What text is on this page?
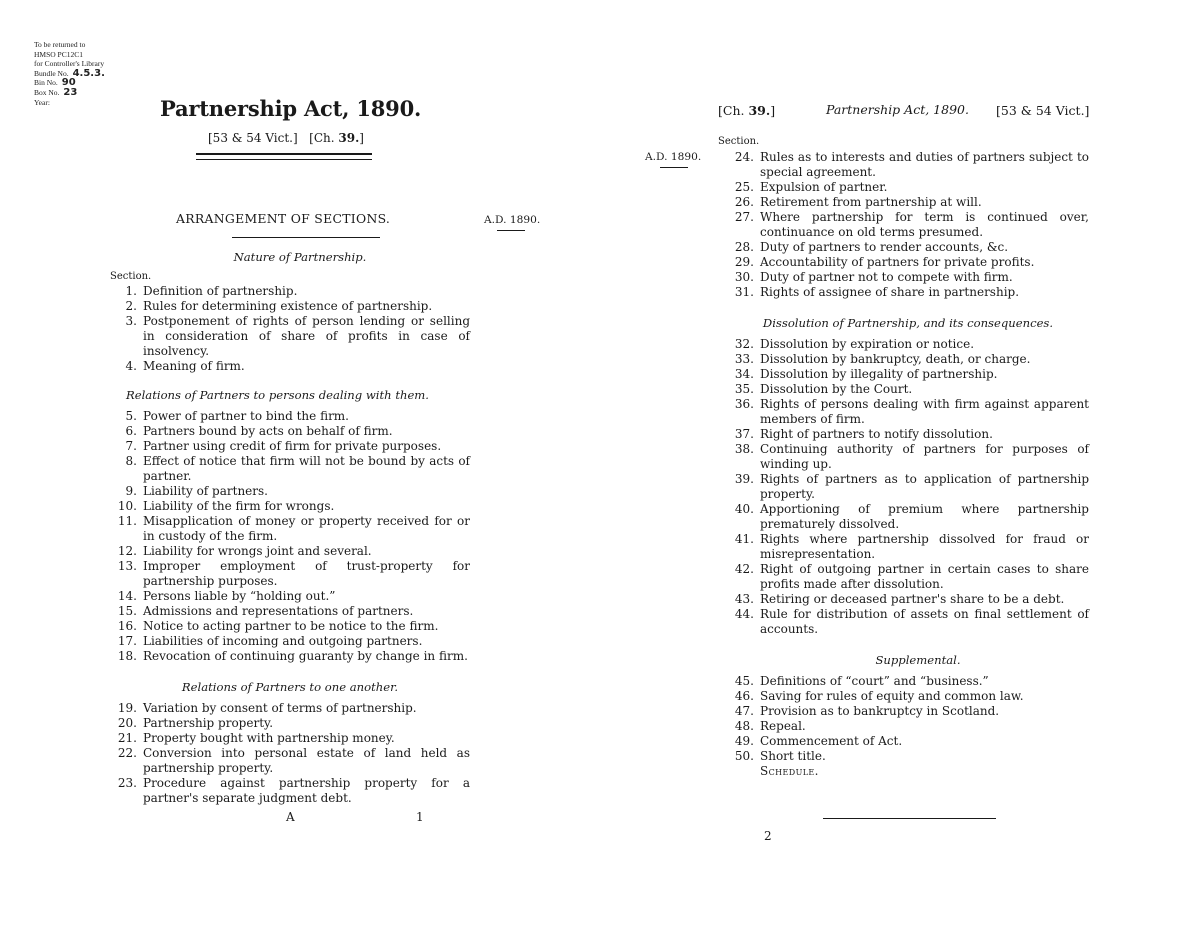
To be returned to
HMSO PC12C1
for Controller's Library
Bundle No. 4.5.3.
Bin No. 90
Box No. 23
Year:	Partnership Act, 1890.
[53 & 54 Vict.] [Ch. 39.]
ARRANGEMENT OF SECTIONS.	A.D. 1890.
Nature of Partnership.
Section.
1. Definition of partnership.
2. Rules for determining existence of partnership.
3. Postponement of rights of person lending or selling in consideration of share of profits in case of insolvency.
4. Meaning of firm.
Relations of Partners to persons dealing with them.
5. Power of partner to bind the firm.
6. Partners bound by acts on behalf of firm.
7. Partner using credit of firm for private purposes.
8. Effect of notice that firm will not be bound by acts of partner.
9. Liability of partners.
10. Liability of the firm for wrongs.
11. Misapplication of money or property received for or in custody of the firm.
12. Liability for wrongs joint and several.
13. Improper employment of trust-property for partnership purposes.
14. Persons liable by “holding out.”
15. Admissions and representations of partners.
16. Notice to acting partner to be notice to the firm.
17. Liabilities of incoming and outgoing partners.
18. Revocation of continuing guaranty by change in firm.
Relations of Partners to one another.
19. Variation by consent of terms of partnership.
20. Partnership property.
21. Property bought with partnership money.
22. Conversion into personal estate of land held as partnership property.
23. Procedure against partnership property for a partner's separate judgment debt.
A	1
[Ch. 39.]	Partnership Act, 1890. [53 & 54 Vict.]
Section.
A.D. 1890.	24. Rules as to interests and duties of partners subject to special agreement.
25. Expulsion of partner.
26. Retirement from partnership at will.
27. Where partnership for term is continued over, continuance on old terms presumed.
28. Duty of partners to render accounts, &c.
29. Accountability of partners for private profits.
30. Duty of partner not to compete with firm.
31. Rights of assignee of share in partnership.
Dissolution of Partnership, and its consequences.
32. Dissolution by expiration or notice.
33. Dissolution by bankruptcy, death, or charge.
34. Dissolution by illegality of partnership.
35. Dissolution by the Court.
36. Rights of persons dealing with firm against apparent members of firm.
37. Right of partners to notify dissolution.
38. Continuing authority of partners for purposes of winding up.
39. Rights of partners as to application of partnership property.
40. Apportioning of premium where partnership prematurely dissolved.
41. Rights where partnership dissolved for fraud or misrepresentation.
42. Right of outgoing partner in certain cases to share profits made after dissolution.
43. Retiring or deceased partner's share to be a debt.
44. Rule for distribution of assets on final settlement of accounts.
Supplemental.
45. Definitions of “court” and “business.”
46. Saving for rules of equity and common law.
47. Provision as to bankruptcy in Scotland.
48. Repeal.
49. Commencement of Act.
50. Short title.
Schedule.
2
